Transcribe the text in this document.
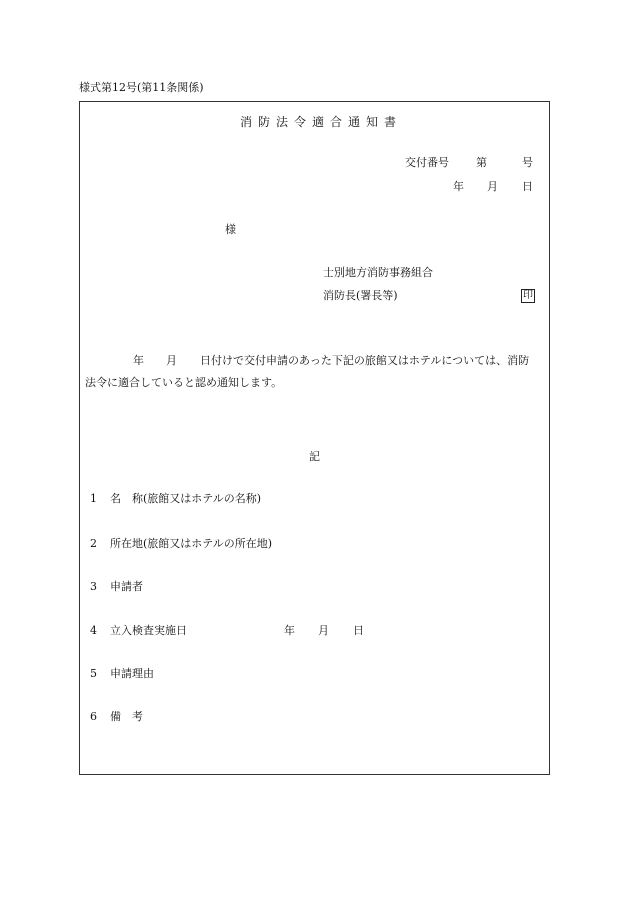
様式第12号(第11条関係)
消防法令適合通知書
交付番号 第	号
年 月 日
様
士別地方消防事務組合
消防長(署長等)	印
年 月 日付けで交付申請のあった下記の旅館又はホテルについては、消防
法令に適合していると認め通知します。
記
1 名　称(旅館又はホテルの名称)
2 所在地(旅館又はホテルの所在地)
3 申請者
4 立入検査実施日	年 月 日
5 申請理由
6 備　考
